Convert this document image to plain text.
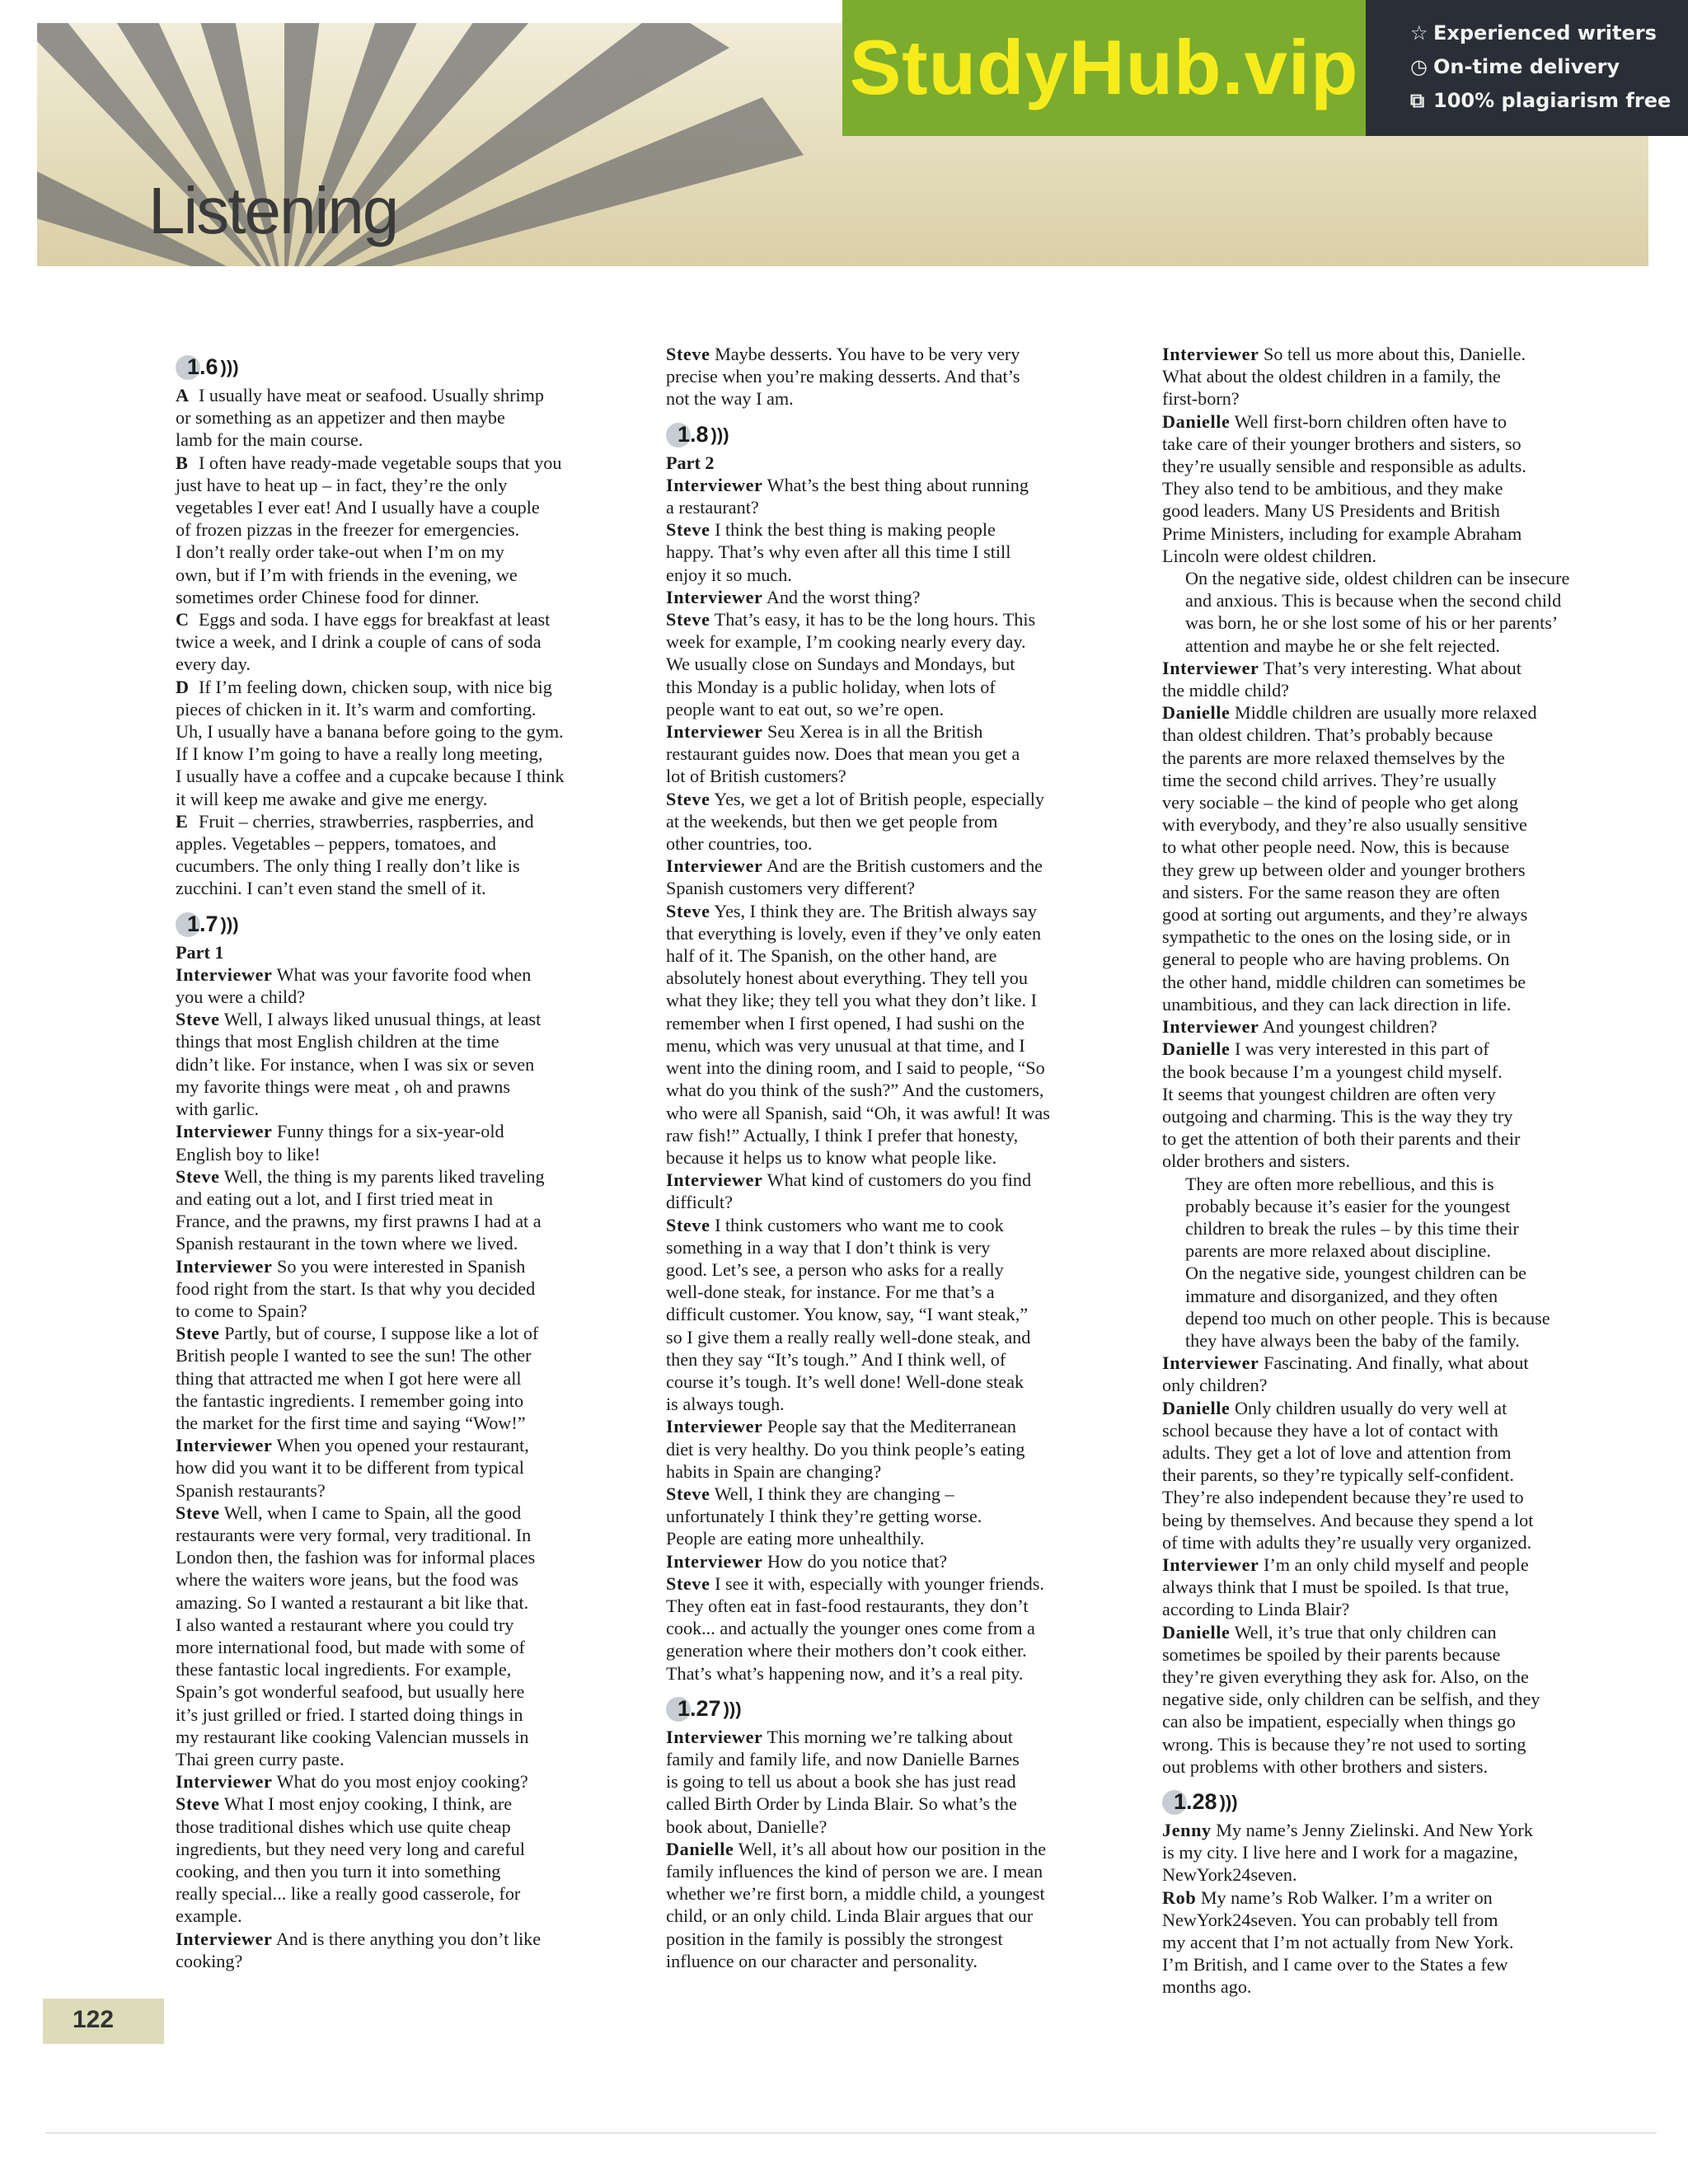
Listening
StudyHub.vip	☆ Experienced writers
◷ On-time delivery
⧉ 100% plagiarism free
1.6 )))

A I usually have meat or seafood. Usually shrimp

or something as an appetizer and then maybe

lamb for the main course.

B I often have ready-made vegetable soups that you

just have to heat up – in fact, they’re the only

vegetables I ever eat! And I usually have a couple

of frozen pizzas in the freezer for emergencies.

I don’t really order take-out when I’m on my

own, but if I’m with friends in the evening, we

sometimes order Chinese food for dinner.

C Eggs and soda. I have eggs for breakfast at least

twice a week, and I drink a couple of cans of soda

every day.

D If I’m feeling down, chicken soup, with nice big

pieces of chicken in it. It’s warm and comforting.

Uh, I usually have a banana before going to the gym.

If I know I’m going to have a really long meeting,

I usually have a coffee and a cupcake because I think

it will keep me awake and give me energy.

E Fruit – cherries, strawberries, raspberries, and

apples. Vegetables – peppers, tomatoes, and

cucumbers. The only thing I really don’t like is

zucchini. I can’t even stand the smell of it.

1.7 )))

Part 1

Interviewer What was your favorite food when

you were a child?

Steve Well, I always liked unusual things, at least

things that most English children at the time

didn’t like. For instance, when I was six or seven

my favorite things were meat , oh and prawns

with garlic.

Interviewer Funny things for a six-year-old

English boy to like!

Steve Well, the thing is my parents liked traveling

and eating out a lot, and I first tried meat in

France, and the prawns, my first prawns I had at a

Spanish restaurant in the town where we lived.

Interviewer So you were interested in Spanish

food right from the start. Is that why you decided

to come to Spain?

Steve Partly, but of course, I suppose like a lot of

British people I wanted to see the sun! The other

thing that attracted me when I got here were all

the fantastic ingredients. I remember going into

the market for the first time and saying “Wow!”

Interviewer When you opened your restaurant,

how did you want it to be different from typical

Spanish restaurants?

Steve Well, when I came to Spain, all the good

restaurants were very formal, very traditional. In

London then, the fashion was for informal places

where the waiters wore jeans, but the food was

amazing. So I wanted a restaurant a bit like that.

I also wanted a restaurant where you could try

more international food, but made with some of

these fantastic local ingredients. For example,

Spain’s got wonderful seafood, but usually here

it’s just grilled or fried. I started doing things in

my restaurant like cooking Valencian mussels in

Thai green curry paste.

Interviewer What do you most enjoy cooking?

Steve What I most enjoy cooking, I think, are

those traditional dishes which use quite cheap

ingredients, but they need very long and careful

cooking, and then you turn it into something

really special... like a really good casserole, for

example.

Interviewer And is there anything you don’t like

cooking?

Steve Maybe desserts. You have to be very very

precise when you’re making desserts. And that’s

not the way I am.

1.8 )))

Part 2

Interviewer What’s the best thing about running

a restaurant?

Steve I think the best thing is making people

happy. That’s why even after all this time I still

enjoy it so much.

Interviewer And the worst thing?

Steve That’s easy, it has to be the long hours. This

week for example, I’m cooking nearly every day.

We usually close on Sundays and Mondays, but

this Monday is a public holiday, when lots of

people want to eat out, so we’re open.

Interviewer Seu Xerea is in all the British

restaurant guides now. Does that mean you get a

lot of British customers?

Steve Yes, we get a lot of British people, especially

at the weekends, but then we get people from

other countries, too.

Interviewer And are the British customers and the

Spanish customers very different?

Steve Yes, I think they are. The British always say

that everything is lovely, even if they’ve only eaten

half of it. The Spanish, on the other hand, are

absolutely honest about everything. They tell you

what they like; they tell you what they don’t like. I

remember when I first opened, I had sushi on the

menu, which was very unusual at that time, and I

went into the dining room, and I said to people, “So

what do you think of the sush?” And the customers,

who were all Spanish, said “Oh, it was awful! It was

raw fish!” Actually, I think I prefer that honesty,

because it helps us to know what people like.

Interviewer What kind of customers do you find

difficult?

Steve I think customers who want me to cook

something in a way that I don’t think is very

good. Let’s see, a person who asks for a really

well-done steak, for instance. For me that’s a

difficult customer. You know, say, “I want steak,”

so I give them a really really well-done steak, and

then they say “It’s tough.” And I think well, of

course it’s tough. It’s well done! Well-done steak

is always tough.

Interviewer People say that the Mediterranean

diet is very healthy. Do you think people’s eating

habits in Spain are changing?

Steve Well, I think they are changing –

unfortunately I think they’re getting worse.

People are eating more unhealthily.

Interviewer How do you notice that?

Steve I see it with, especially with younger friends.

They often eat in fast-food restaurants, they don’t

cook... and actually the younger ones come from a

generation where their mothers don’t cook either.

That’s what’s happening now, and it’s a real pity.

1.27 )))

Interviewer This morning we’re talking about

family and family life, and now Danielle Barnes

is going to tell us about a book she has just read

called Birth Order by Linda Blair. So what’s the

book about, Danielle?

Danielle Well, it’s all about how our position in the

family influences the kind of person we are. I mean

whether we’re first born, a middle child, a youngest

child, or an only child. Linda Blair argues that our

position in the family is possibly the strongest

influence on our character and personality.

Interviewer So tell us more about this, Danielle.

What about the oldest children in a family, the

first-born?

Danielle Well first-born children often have to

take care of their younger brothers and sisters, so

they’re usually sensible and responsible as adults.

They also tend to be ambitious, and they make

good leaders. Many US Presidents and British

Prime Ministers, including for example Abraham

Lincoln were oldest children.

On the negative side, oldest children can be insecure

and anxious. This is because when the second child

was born, he or she lost some of his or her parents’

attention and maybe he or she felt rejected.

Interviewer That’s very interesting. What about

the middle child?

Danielle Middle children are usually more relaxed

than oldest children. That’s probably because

the parents are more relaxed themselves by the

time the second child arrives. They’re usually

very sociable – the kind of people who get along

with everybody, and they’re also usually sensitive

to what other people need. Now, this is because

they grew up between older and younger brothers

and sisters. For the same reason they are often

good at sorting out arguments, and they’re always

sympathetic to the ones on the losing side, or in

general to people who are having problems. On

the other hand, middle children can sometimes be

unambitious, and they can lack direction in life.

Interviewer And youngest children?

Danielle I was very interested in this part of

the book because I’m a youngest child myself.

It seems that youngest children are often very

outgoing and charming. This is the way they try

to get the attention of both their parents and their

older brothers and sisters.

They are often more rebellious, and this is

probably because it’s easier for the youngest

children to break the rules – by this time their

parents are more relaxed about discipline.

On the negative side, youngest children can be

immature and disorganized, and they often

depend too much on other people. This is because

they have always been the baby of the family.

Interviewer Fascinating. And finally, what about

only children?

Danielle Only children usually do very well at

school because they have a lot of contact with

adults. They get a lot of love and attention from

their parents, so they’re typically self-confident.

They’re also independent because they’re used to

being by themselves. And because they spend a lot

of time with adults they’re usually very organized.

Interviewer I’m an only child myself and people

always think that I must be spoiled. Is that true,

according to Linda Blair?

Danielle Well, it’s true that only children can

sometimes be spoiled by their parents because

they’re given everything they ask for. Also, on the

negative side, only children can be selfish, and they

can also be impatient, especially when things go

wrong. This is because they’re not used to sorting

out problems with other brothers and sisters.

1.28 )))

Jenny My name’s Jenny Zielinski. And New York

is my city. I live here and I work for a magazine,

NewYork24seven.

Rob My name’s Rob Walker. I’m a writer on

NewYork24seven. You can probably tell from

my accent that I’m not actually from New York.

I’m British, and I came over to the States a few

months ago.

122
